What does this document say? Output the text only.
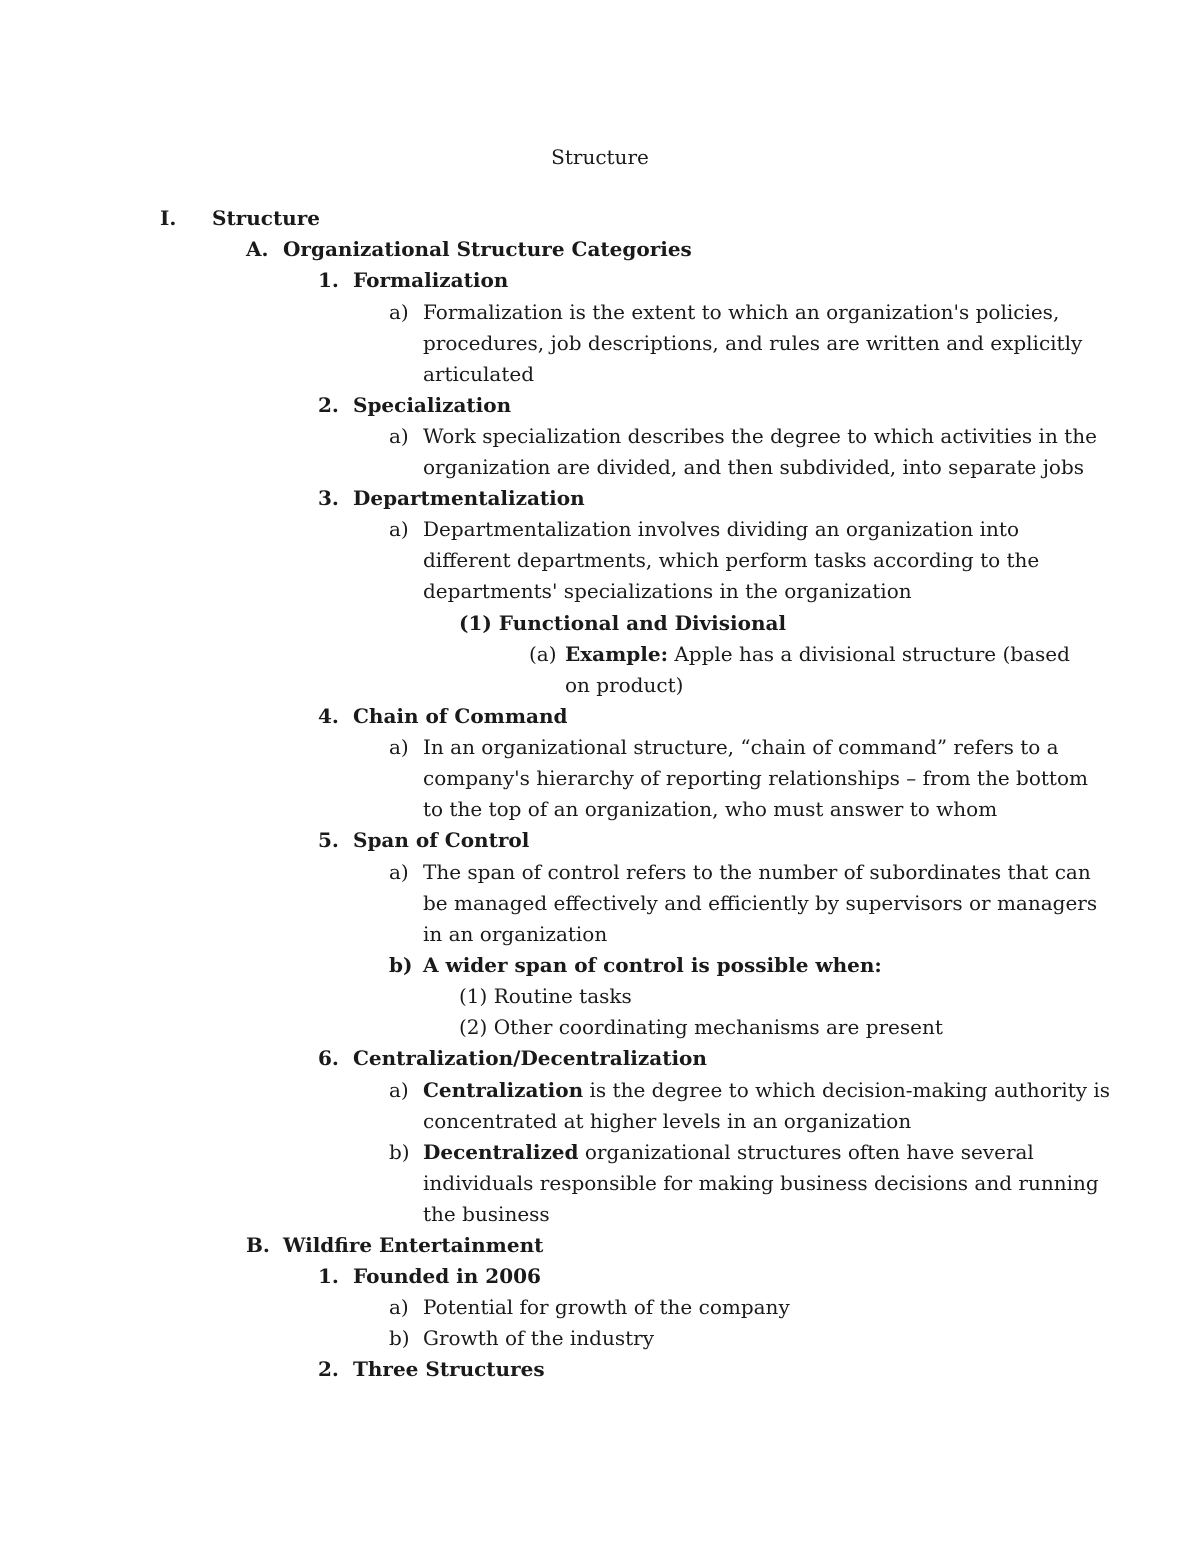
Structure
I. Structure
A. Organizational Structure Categories
1. Formalization
a) Formalization is the extent to which an organization's policies,
procedures, job descriptions, and rules are written and explicitly
articulated
2. Specialization
a) Work specialization describes the degree to which activities in the
organization are divided, and then subdivided, into separate jobs
3. Departmentalization
a) Departmentalization involves dividing an organization into
different departments, which perform tasks according to the
departments' specializations in the organization
(1) Functional and Divisional
(a) Example: Apple has a divisional structure (based
on product)
4. Chain of Command
a) In an organizational structure, “chain of command” refers to a
company's hierarchy of reporting relationships – from the bottom
to the top of an organization, who must answer to whom
5. Span of Control
a) The span of control refers to the number of subordinates that can
be managed effectively and efficiently by supervisors or managers
in an organization
b) A wider span of control is possible when:
(1) Routine tasks
(2) Other coordinating mechanisms are present
6. Centralization/Decentralization
a) Centralization is the degree to which decision-making authority is
concentrated at higher levels in an organization
b) Decentralized organizational structures often have several
individuals responsible for making business decisions and running
the business
B. Wildfire Entertainment
1. Founded in 2006
a) Potential for growth of the company
b) Growth of the industry
2. Three Structures
